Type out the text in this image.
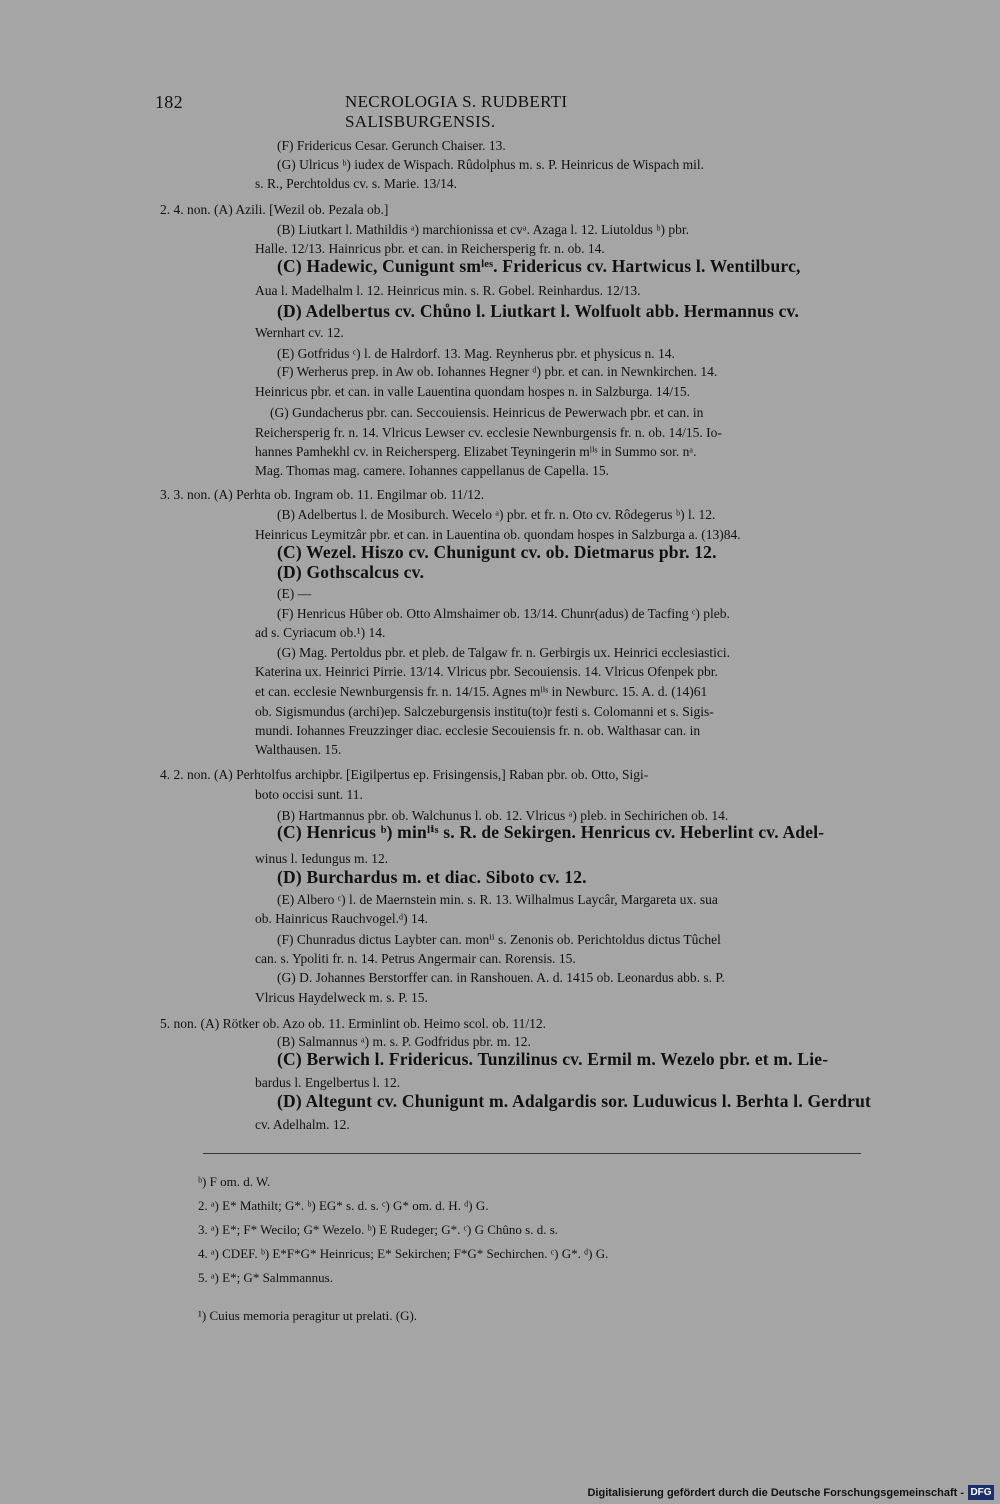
182	NECROLOGIA S. RUDBERTI SALISBURGENSIS.
(F) Fridericus Cesar. Gerunch Chaiser. 13.
(G) Ulricus ᵇ) iudex de Wispach. Rûdolphus m. s. P. Heinricus de Wispach mil.
s. R., Perchtoldus cv. s. Marie. 13/14.
2. 4. non. (A) Azili. [Wezil ob. Pezala ob.]
(B) Liutkart l. Mathildis ᵃ) marchionissa et cvᵃ. Azaga l. 12. Liutoldus ᵇ) pbr.
Halle. 12/13. Hainricus pbr. et can. in Reichersperig fr. n. ob. 14.
(C) Hadewic, Cunigunt smˡᵉˢ. Fridericus cv. Hartwicus l. Wentilburc,
Aua l. Madelhalm l. 12. Heinricus min. s. R. Gobel. Reinhardus. 12/13.
(D) Adelbertus cv. Chůno l. Liutkart l. Wolfuolt abb. Hermannus cv.
Wernhart cv. 12.
(E) Gotfridus ᶜ) l. de Halrdorf. 13. Mag. Reynherus pbr. et physicus n. 14.
(F) Werherus prep. in Aw ob. Iohannes Hegner ᵈ) pbr. et can. in Newnkirchen. 14.
Heinricus pbr. et can. in valle Lauentina quondam hospes n. in Salzburga. 14/15.
(G) Gundacherus pbr. can. Seccouiensis. Heinricus de Pewerwach pbr. et can. in
Reichersperig fr. n. 14. Vlricus Lewser cv. ecclesie Newnburgensis fr. n. ob. 14/15. Io-
hannes Pamhekhl cv. in Reichersperg. Elizabet Teyningerin mˡⁱˢ in Summo sor. nᵃ.
Mag. Thomas mag. camere. Iohannes cappellanus de Capella. 15.
3. 3. non. (A) Perhta ob. Ingram ob. 11. Engilmar ob. 11/12.
(B) Adelbertus l. de Mosiburch. Wecelo ᵃ) pbr. et fr. n. Oto cv. Rôdegerus ᵇ) l. 12.
Heinricus Leymitzâr pbr. et can. in Lauentina ob. quondam hospes in Salzburga a. (13)84.
(C) Wezel. Hiszo cv. Chunigunt cv. ob. Dietmarus pbr. 12.
(D) Gothscalcus cv.
(E) —
(F) Henricus Hûber ob. Otto Almshaimer ob. 13/14. Chunr(adus) de Tacfing ᶜ) pleb.
ad s. Cyriacum ob.¹) 14.
(G) Mag. Pertoldus pbr. et pleb. de Talgaw fr. n. Gerbirgis ux. Heinrici ecclesiastici.
Katerina ux. Heinrici Pirrie. 13/14. Vlricus pbr. Secouiensis. 14. Vlricus Ofenpek pbr.
et can. ecclesie Newnburgensis fr. n. 14/15. Agnes mˡⁱˢ in Newburc. 15. A. d. (14)61
ob. Sigismundus (archi)ep. Salczeburgensis institu(to)r festi s. Colomanni et s. Sigis-
mundi. Iohannes Freuzzinger diac. ecclesie Secouiensis fr. n. ob. Walthasar can. in
Walthausen. 15.
4. 2. non. (A) Perhtolfus archipbr. [Eigilpertus ep. Frisingensis,] Raban pbr. ob. Otto, Sigi-
boto occisi sunt. 11.
(B) Hartmannus pbr. ob. Walchunus l. ob. 12. Vlricus ᵃ) pleb. in Sechirichen ob. 14.
(C) Henricus ᵇ) minˡⁱˢ s. R. de Sekirgen. Henricus cv. Heberlint cv. Adel-
winus l. Iedungus m. 12.
(D) Burchardus m. et diac. Siboto cv. 12.
(E) Albero ᶜ) l. de Maernstein min. s. R. 13. Wilhalmus Laycâr, Margareta ux. sua
ob. Hainricus Rauchvogel.ᵈ) 14.
(F) Chunradus dictus Laybter can. monⁱⁱ s. Zenonis ob. Perichtoldus dictus Tûchel
can. s. Ypoliti fr. n. 14. Petrus Angermair can. Rorensis. 15.
(G) D. Johannes Berstorffer can. in Ranshouen. A. d. 1415 ob. Leonardus abb. s. P.
Vlricus Haydelweck m. s. P. 15.
5. non. (A) Rötker ob. Azo ob. 11. Erminlint ob. Heimo scol. ob. 11/12.
(B) Salmannus ᵃ) m. s. P. Godfridus pbr. m. 12.
(C) Berwich l. Fridericus. Tunzilinus cv. Ermil m. Wezelo pbr. et m. Lie-
bardus l. Engelbertus l. 12.
(D) Altegunt cv. Chunigunt m. Adalgardis sor. Luduwicus l. Berhta l. Gerdrut
cv. Adelhalm. 12.
ᵇ) F om. d. W.
2. ᵃ) E* Mathilt; G*. ᵇ) EG* s. d. s. ᶜ) G* om. d. H. ᵈ) G.
3. ᵃ) E*; F* Wecilo; G* Wezelo. ᵇ) E Rudeger; G*. ᶜ) G Chûno s. d. s.
4. ᵃ) CDEF. ᵇ) E*F*G* Heinricus; E* Sekirchen; F*G* Sechirchen. ᶜ) G*. ᵈ) G.
5. ᵃ) E*; G* Salmmannus.
¹) Cuius memoria peragitur ut prelati. (G).
Digitalisierung gefördert durch die Deutsche Forschungsgemeinschaft - DFG
